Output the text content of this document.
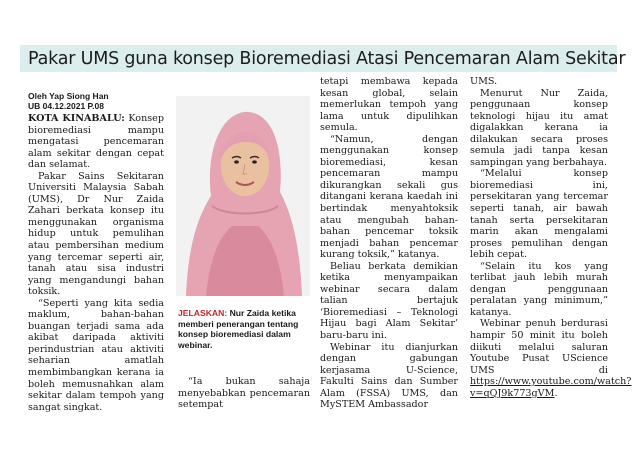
Pakar UMS guna konsep Bioremediasi Atasi Pencemaran Alam Sekitar
Oleh Yap Siong Han
UB 04.12.2021 P.08

KOTA KINABALU: Konsep bioremediasi mampu mengatasi pencemaran alam sekitar dengan cepat dan selamat.

Pakar Sains Sekitaran Universiti Malaysia Sabah (UMS), Dr Nur Zaida Zahari berkata konsep itu menggunakan organisma hidup untuk pemulihan atau pembersihan medium yang tercemar seperti air, tanah atau sisa industri yang mengandungi bahan toksik.

“Seperti yang kita sedia maklum, bahan-bahan buangan terjadi sama ada akibat daripada aktiviti perindustrian atau aktiviti seharian amatlah membimbangkan kerana ia boleh memusnahkan alam sekitar dalam tempoh yang sangat singkat.

JELASKAN: Nur Zaida ketika memberi penerangan tentang konsep bioremediasi dalam webinar.

“Ia bukan sahaja menyebabkan pencemaran setempat

tetapi membawa kepada kesan global, selain memerlukan tempoh yang lama untuk dipulihkan semula.

“Namun, dengan menggunakan konsep bioremediasi, kesan pencemaran mampu dikurangkan sekali gus ditangani kerana kaedah ini bertindak menyahtoksik atau mengubah bahan-bahan pencemar toksik menjadi bahan pencemar kurang toksik,” katanya.

Beliau berkata demikian ketika menyampaikan webinar secara dalam talian bertajuk ‘Bioremediasi – Teknologi Hijau bagi Alam Sekitar’ baru-baru ini.

Webinar itu dianjurkan dengan gabungan kerjasama U-Science, Fakulti Sains dan Sumber Alam (FSSA) UMS, dan MySTEM Ambassador

UMS.

Menurut Nur Zaida, penggunaan konsep teknologi hijau itu amat digalakkan kerana ia dilakukan secara proses semula jadi tanpa kesan sampingan yang berbahaya.

“Melalui konsep bioremediasi ini, persekitaran yang tercemar seperti tanah, air bawah tanah serta persekitaran marin akan mengalami proses pemulihan dengan lebih cepat.

“Selain itu kos yang terlibat jauh lebih murah dengan penggunaan peralatan yang minimum,” katanya.

Webinar penuh berdurasi hampir 50 minit itu boleh diikuti melalui saluran Youtube Pusat UScience UMS di https://www.youtube.com/watch?v=qQJ9k773gVM.
